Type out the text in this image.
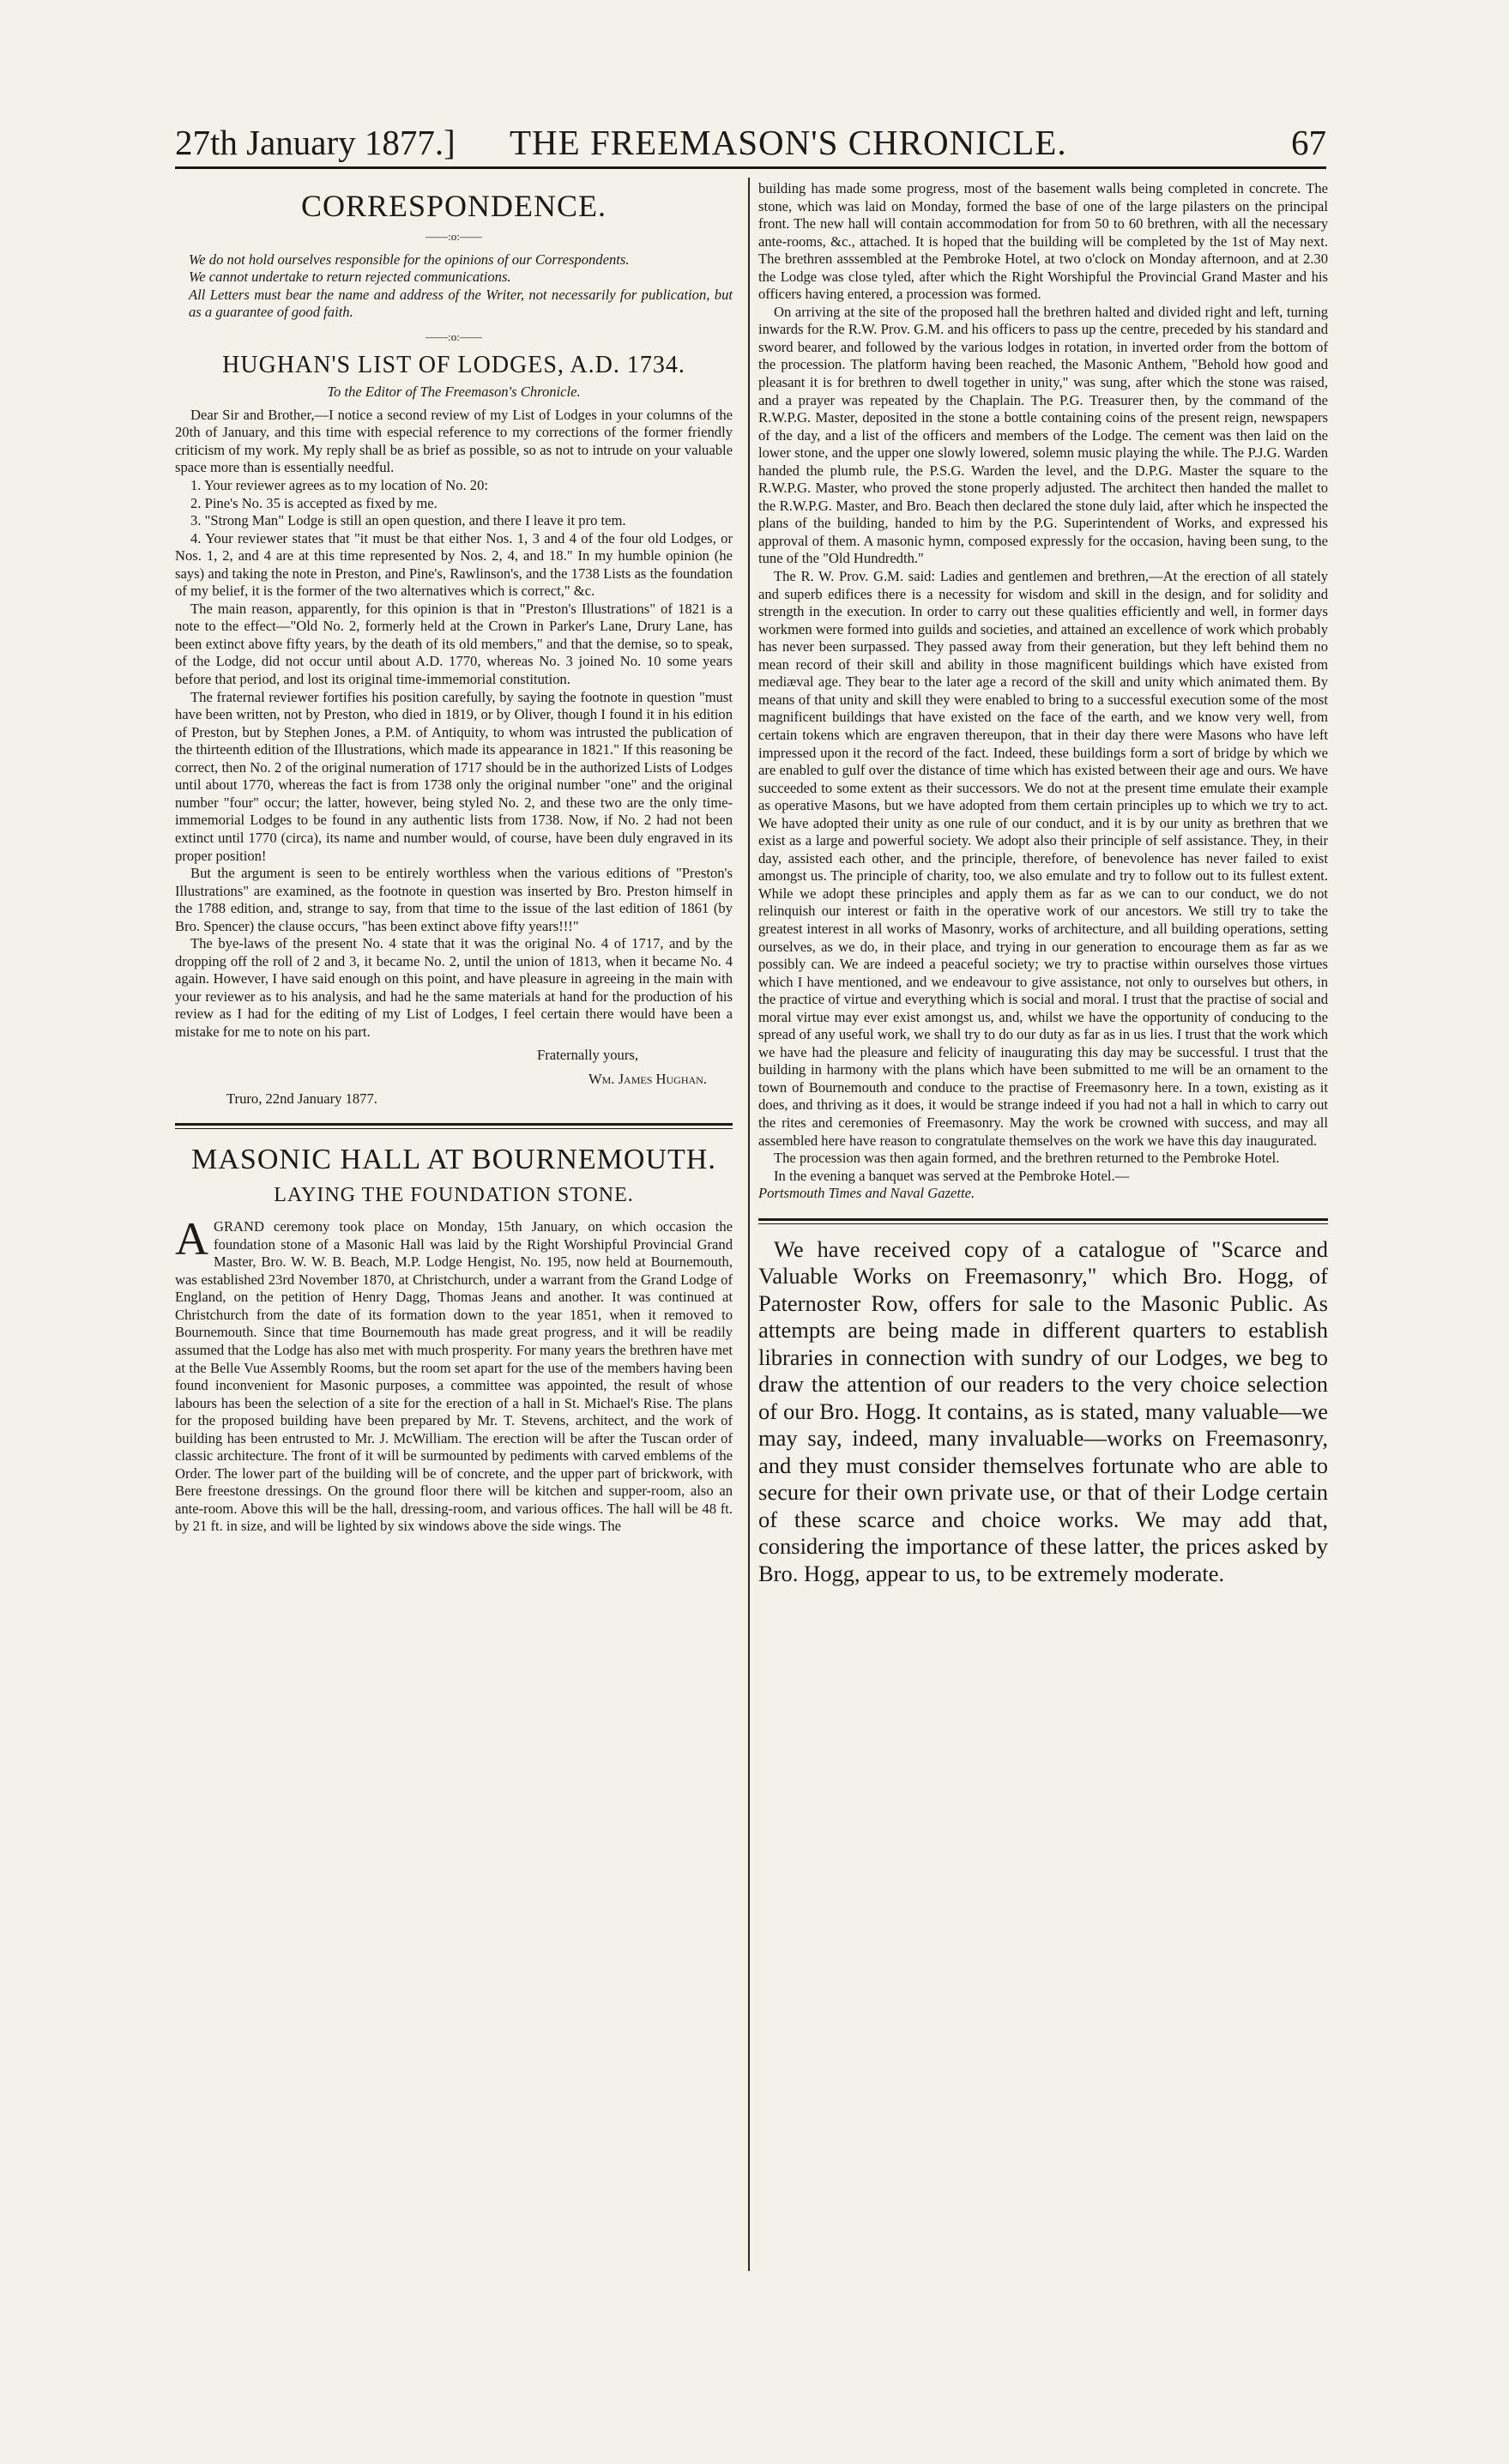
27th January 1877.] THE FREEMASON'S CHRONICLE.	67
CORRESPONDENCE.
——:o:——

We do not hold ourselves responsible for the opinions of our Correspondents.

We cannot undertake to return rejected communications.

All Letters must bear the name and address of the Writer, not necessarily for publication, but as a guarantee of good faith.

——:o:——
HUGHAN'S LIST OF LODGES, A.D. 1734.
To the Editor of The Freemason's Chronicle.

Dear Sir and Brother,—I notice a second review of my List of Lodges in your columns of the 20th of January, and this time with especial reference to my corrections of the former friendly criticism of my work. My reply shall be as brief as possible, so as not to intrude on your valuable space more than is essentially needful.

1. Your reviewer agrees as to my location of No. 20:

2. Pine's No. 35 is accepted as fixed by me.

3. "Strong Man" Lodge is still an open question, and there I leave it pro tem.

4. Your reviewer states that "it must be that either Nos. 1, 3 and 4 of the four old Lodges, or Nos. 1, 2, and 4 are at this time represented by Nos. 2, 4, and 18." In my humble opinion (he says) and taking the note in Preston, and Pine's, Rawlinson's, and the 1738 Lists as the foundation of my belief, it is the former of the two alternatives which is correct," &c.

The main reason, apparently, for this opinion is that in "Preston's Illustrations" of 1821 is a note to the effect—"Old No. 2, formerly held at the Crown in Parker's Lane, Drury Lane, has been extinct above fifty years, by the death of its old members," and that the demise, so to speak, of the Lodge, did not occur until about A.D. 1770, whereas No. 3 joined No. 10 some years before that period, and lost its original time-immemorial constitution.

The fraternal reviewer fortifies his position carefully, by saying the footnote in question "must have been written, not by Preston, who died in 1819, or by Oliver, though I found it in his edition of Preston, but by Stephen Jones, a P.M. of Antiquity, to whom was intrusted the publication of the thirteenth edition of the Illustrations, which made its appearance in 1821." If this reasoning be correct, then No. 2 of the original numeration of 1717 should be in the authorized Lists of Lodges until about 1770, whereas the fact is from 1738 only the original number "one" and the original number "four" occur; the latter, however, being styled No. 2, and these two are the only time-immemorial Lodges to be found in any authentic lists from 1738. Now, if No. 2 had not been extinct until 1770 (circa), its name and number would, of course, have been duly engraved in its proper position!

But the argument is seen to be entirely worthless when the various editions of "Preston's Illustrations" are examined, as the footnote in question was inserted by Bro. Preston himself in the 1788 edition, and, strange to say, from that time to the issue of the last edition of 1861 (by Bro. Spencer) the clause occurs, "has been extinct above fifty years!!!"

The bye-laws of the present No. 4 state that it was the original No. 4 of 1717, and by the dropping off the roll of 2 and 3, it became No. 2, until the union of 1813, when it became No. 4 again. However, I have said enough on this point, and have pleasure in agreeing in the main with your reviewer as to his analysis, and had he the same materials at hand for the production of his review as I had for the editing of my List of Lodges, I feel certain there would have been a mistake for me to note on his part.

Fraternally yours,
Wm. James Hughan.
Truro, 22nd January 1877.
MASONIC HALL AT BOURNEMOUTH.
LAYING THE FOUNDATION STONE.
A GRAND ceremony took place on Monday, 15th January, on which occasion the foundation stone of a Masonic Hall was laid by the Right Worshipful Provincial Grand Master, Bro. W. W. B. Beach, M.P. Lodge Hengist, No. 195, now held at Bournemouth, was established 23rd November 1870, at Christchurch, under a warrant from the Grand Lodge of England, on the petition of Henry Dagg, Thomas Jeans and another. It was continued at Christchurch from the date of its formation down to the year 1851, when it removed to Bournemouth. Since that time Bournemouth has made great progress, and it will be readily assumed that the Lodge has also met with much prosperity. For many years the brethren have met at the Belle Vue Assembly Rooms, but the room set apart for the use of the members having been found inconvenient for Masonic purposes, a committee was appointed, the result of whose labours has been the selection of a site for the erection of a hall in St. Michael's Rise. The plans for the proposed building have been prepared by Mr. T. Stevens, architect, and the work of building has been entrusted to Mr. J. McWilliam. The erection will be after the Tuscan order of classic architecture. The front of it will be surmounted by pediments with carved emblems of the Order. The lower part of the building will be of concrete, and the upper part of brickwork, with Bere freestone dressings. On the ground floor there will be kitchen and supper-room, also an ante-room. Above this will be the hall, dressing-room, and various offices. The hall will be 48 ft. by 21 ft. in size, and will be lighted by six windows above the side wings. The

building has made some progress, most of the basement walls being completed in concrete. The stone, which was laid on Monday, formed the base of one of the large pilasters on the principal front. The new hall will contain accommodation for from 50 to 60 brethren, with all the necessary ante-rooms, &c., attached. It is hoped that the building will be completed by the 1st of May next. The brethren asssembled at the Pembroke Hotel, at two o'clock on Monday afternoon, and at 2.30 the Lodge was close tyled, after which the Right Worshipful the Provincial Grand Master and his officers having entered, a procession was formed.

On arriving at the site of the proposed hall the brethren halted and divided right and left, turning inwards for the R.W. Prov. G.M. and his officers to pass up the centre, preceded by his standard and sword bearer, and followed by the various lodges in rotation, in inverted order from the bottom of the procession. The platform having been reached, the Masonic Anthem, "Behold how good and pleasant it is for brethren to dwell together in unity," was sung, after which the stone was raised, and a prayer was repeated by the Chaplain. The P.G. Treasurer then, by the command of the R.W.P.G. Master, deposited in the stone a bottle containing coins of the present reign, newspapers of the day, and a list of the officers and members of the Lodge. The cement was then laid on the lower stone, and the upper one slowly lowered, solemn music playing the while. The P.J.G. Warden handed the plumb rule, the P.S.G. Warden the level, and the D.P.G. Master the square to the R.W.P.G. Master, who proved the stone properly adjusted. The architect then handed the mallet to the R.W.P.G. Master, and Bro. Beach then declared the stone duly laid, after which he inspected the plans of the building, handed to him by the P.G. Superintendent of Works, and expressed his approval of them. A masonic hymn, composed expressly for the occasion, having been sung, to the tune of the "Old Hundredth."

The R. W. Prov. G.M. said: Ladies and gentlemen and brethren,—At the erection of all stately and superb edifices there is a necessity for wisdom and skill in the design, and for solidity and strength in the execution. In order to carry out these qualities efficiently and well, in former days workmen were formed into guilds and societies, and attained an excellence of work which probably has never been surpassed. They passed away from their generation, but they left behind them no mean record of their skill and ability in those magnificent buildings which have existed from mediæval age. They bear to the later age a record of the skill and unity which animated them. By means of that unity and skill they were enabled to bring to a successful execution some of the most magnificent buildings that have existed on the face of the earth, and we know very well, from certain tokens which are engraven thereupon, that in their day there were Masons who have left impressed upon it the record of the fact. Indeed, these buildings form a sort of bridge by which we are enabled to gulf over the distance of time which has existed between their age and ours. We have succeeded to some extent as their successors. We do not at the present time emulate their example as operative Masons, but we have adopted from them certain principles up to which we try to act. We have adopted their unity as one rule of our conduct, and it is by our unity as brethren that we exist as a large and powerful society. We adopt also their principle of self assistance. They, in their day, assisted each other, and the principle, therefore, of benevolence has never failed to exist amongst us. The principle of charity, too, we also emulate and try to follow out to its fullest extent. While we adopt these principles and apply them as far as we can to our conduct, we do not relinquish our interest or faith in the operative work of our ancestors. We still try to take the greatest interest in all works of Masonry, works of architecture, and all building operations, setting ourselves, as we do, in their place, and trying in our generation to encourage them as far as we possibly can. We are indeed a peaceful society; we try to practise within ourselves those virtues which I have mentioned, and we endeavour to give assistance, not only to ourselves but others, in the practice of virtue and everything which is social and moral. I trust that the practise of social and moral virtue may ever exist amongst us, and, whilst we have the opportunity of conducing to the spread of any useful work, we shall try to do our duty as far as in us lies. I trust that the work which we have had the pleasure and felicity of inaugurating this day may be successful. I trust that the building in harmony with the plans which have been submitted to me will be an ornament to the town of Bournemouth and conduce to the practise of Freemasonry here. In a town, existing as it does, and thriving as it does, it would be strange indeed if you had not a hall in which to carry out the rites and ceremonies of Freemasonry. May the work be crowned with success, and may all assembled here have reason to congratulate themselves on the work we have this day inaugurated.

The procession was then again formed, and the brethren returned to the Pembroke Hotel.

In the evening a banquet was served at the Pembroke Hotel.—

Portsmouth Times and Naval Gazette.

We have received copy of a catalogue of "Scarce and Valuable Works on Freemasonry," which Bro. Hogg, of Paternoster Row, offers for sale to the Masonic Public. As attempts are being made in different quarters to establish libraries in connection with sundry of our Lodges, we beg to draw the attention of our readers to the very choice selection of our Bro. Hogg. It contains, as is stated, many valuable—we may say, indeed, many invaluable—works on Freemasonry, and they must consider themselves fortunate who are able to secure for their own private use, or that of their Lodge certain of these scarce and choice works. We may add that, considering the importance of these latter, the prices asked by Bro. Hogg, appear to us, to be extremely moderate.
